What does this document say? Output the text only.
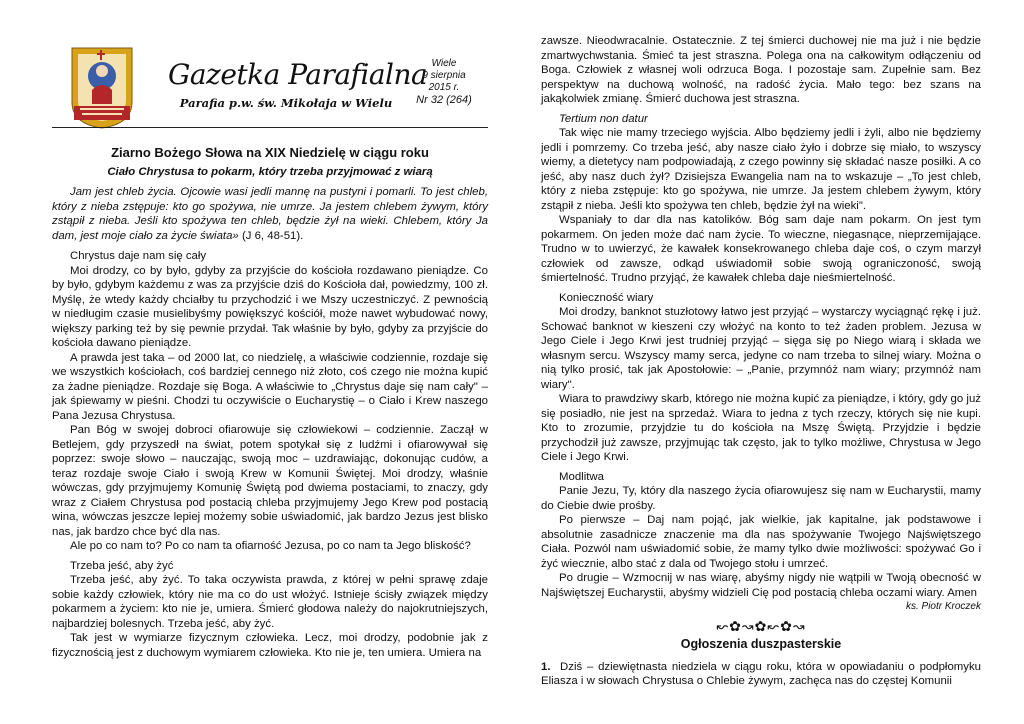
Gazetka Parafialna
Parafia p.w. św. Mikołaja w Wielu
Wiele
9 sierpnia
2015 r.
Nr 32 (264)

Ziarno Bożego Słowa na XIX Niedzielę w ciągu roku

Ciało Chrystusa to pokarm, który trzeba przyjmować z wiarą

Jam jest chleb życia. Ojcowie wasi jedli mannę na pustyni i pomarli. To jest chleb, który z nieba zstępuje: kto go spożywa, nie umrze. Ja jestem chlebem żywym, który zstąpił z nieba. Jeśli kto spożywa ten chleb, będzie żył na wieki. Chlebem, który Ja dam, jest moje ciało za życie świata» (J 6, 48-51).

Chrystus daje nam się cały

Moi drodzy, co by było, gdyby za przyjście do kościoła rozdawano pieniądze. Co by było, gdybym każdemu z was za przyjście dziś do Kościoła dał, powiedzmy, 100 zł. Myślę, że wtedy każdy chciałby tu przychodzić i we Mszy uczestniczyć. Z pewnością w niedługim czasie musielibyśmy powiększyć kościół, może nawet wybudować nowy, większy parking też by się pewnie przydał. Tak właśnie by było, gdyby za przyjście do kościoła dawano pieniądze.

A prawda jest taka – od 2000 lat, co niedzielę, a właściwie codziennie, rozdaje się we wszystkich kościołach, coś bardziej cennego niż złoto, coś czego nie można kupić za żadne pieniądze. Rozdaje się Boga. A właściwie to „Chrystus daje się nam cały" – jak śpiewamy w pieśni. Chodzi tu oczywiście o Eucharystię – o Ciało i Krew naszego Pana Jezusa Chrystusa.

Pan Bóg w swojej dobroci ofiarowuje się człowiekowi – codziennie. Zaczął w Betlejem, gdy przyszedł na świat, potem spotykał się z ludźmi i ofiarowywał się poprzez: swoje słowo – nauczając, swoją moc – uzdrawiając, dokonując cudów, a teraz rozdaje swoje Ciało i swoją Krew w Komunii Świętej. Moi drodzy, właśnie wówczas, gdy przyjmujemy Komunię Świętą pod dwiema postaciami, to znaczy, gdy wraz z Ciałem Chrystusa pod postacią chleba przyjmujemy Jego Krew pod postacią wina, wówczas jeszcze lepiej możemy sobie uświadomić, jak bardzo Jezus jest blisko nas, jak bardzo chce być dla nas.

Ale po co nam to? Po co nam ta ofiarność Jezusa, po co nam ta Jego bliskość?

Trzeba jeść, aby żyć

Trzeba jeść, aby żyć. To taka oczywista prawda, z której w pełni sprawę zdaje sobie każdy człowiek, który nie ma co do ust włożyć. Istnieje ścisły związek między pokarmem a życiem: kto nie je, umiera. Śmierć głodowa należy do najokrutniejszych, najbardziej bolesnych. Trzeba jeść, aby żyć.

Tak jest w wymiarze fizycznym człowieka. Lecz, moi drodzy, podobnie jak z fizycznością jest z duchowym wymiarem człowieka. Kto nie je, ten umiera. Umiera na

zawsze. Nieodwracalnie. Ostatecznie. Z tej śmierci duchowej nie ma już i nie będzie zmartwychwstania. Śmieć ta jest straszna. Polega ona na całkowitym odłączeniu od Boga. Człowiek z własnej woli odrzuca Boga. I pozostaje sam. Zupełnie sam. Bez perspektyw na duchową wolność, na radość życia. Mało tego: bez szans na jakąkolwiek zmianę. Śmierć duchowa jest straszna.

Tertium non datur

Tak więc nie mamy trzeciego wyjścia. Albo będziemy jedli i żyli, albo nie będziemy jedli i pomrzemy. Co trzeba jeść, aby nasze ciało żyło i dobrze się miało, to wszyscy wiemy, a dietetycy nam podpowiadają, z czego powinny się składać nasze posiłki. A co jeść, aby nasz duch żył? Dzisiejsza Ewangelia nam na to wskazuje – „To jest chleb, który z nieba zstępuje: kto go spożywa, nie umrze. Ja jestem chlebem żywym, który zstąpił z nieba. Jeśli kto spożywa ten chleb, będzie żył na wieki".

Wspaniały to dar dla nas katolików. Bóg sam daje nam pokarm. On jest tym pokarmem. On jeden może dać nam życie. To wieczne, niegasnące, nieprzemijające. Trudno w to uwierzyć, że kawałek konsekrowanego chleba daje coś, o czym marzył człowiek od zawsze, odkąd uświadomił sobie swoją ograniczoność, swoją śmiertelność. Trudno przyjąć, że kawałek chleba daje nieśmiertelność.

Konieczność wiary

Moi drodzy, banknot stuzłotowy łatwo jest przyjąć – wystarczy wyciągnąć rękę i już. Schować banknot w kieszeni czy włożyć na konto to też żaden problem. Jezusa w Jego Ciele i Jego Krwi jest trudniej przyjąć – sięga się po Niego wiarą i składa we własnym sercu. Wszyscy mamy serca, jedyne co nam trzeba to silnej wiary. Można o nią tylko prosić, tak jak Apostołowie: – „Panie, przymnóż nam wiary; przymnóż nam wiary".

Wiara to prawdziwy skarb, którego nie można kupić za pieniądze, i który, gdy go już się posiadło, nie jest na sprzedaż. Wiara to jedna z tych rzeczy, których się nie kupi. Kto to zrozumie, przyjdzie tu do kościoła na Mszę Świętą. Przyjdzie i będzie przychodził już zawsze, przyjmując tak często, jak to tylko możliwe, Chrystusa w Jego Ciele i Jego Krwi.

Modlitwa

Panie Jezu, Ty, który dla naszego życia ofiarowujesz się nam w Eucharystii, mamy do Ciebie dwie prośby.

Po pierwsze – Daj nam pojąć, jak wielkie, jak kapitalne, jak podstawowe i absolutnie zasadnicze znaczenie ma dla nas spożywanie Twojego Najświętszego Ciała. Pozwól nam uświadomić sobie, że mamy tylko dwie możliwości: spożywać Go i żyć wiecznie, albo stać z dala od Twojego stołu i umrzeć.

Po drugie – Wzmocnij w nas wiarę, abyśmy nigdy nie wątpili w Twoją obecność w Najświętszej Eucharystii, abyśmy widzieli Cię pod postacią chleba oczami wiary. Amen

ks. Piotr Kroczek

↜✿↝✿↜✿↝

Ogłoszenia duszpasterskie

1. Dziś – dziewiętnasta niedziela w ciągu roku, która w opowiadaniu o podpłomyku Eliasza i w słowach Chrystusa o Chlebie żywym, zachęca nas do częstej Komunii
